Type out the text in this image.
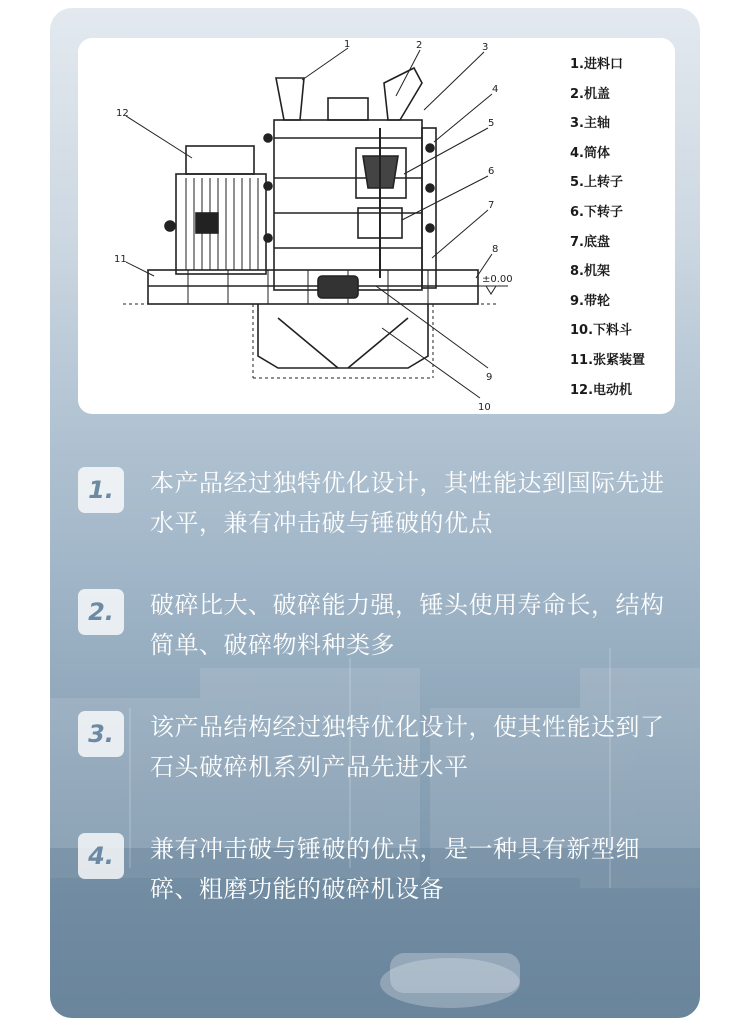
1	2	3
4
5
6
7
8
9
10
11
12
±0.00
1.进料口
2.机盖
3.主轴
4.筒体
5.上转子
6.下转子
7.底盘
8.机架
9.带轮
10.下料斗
11.张紧装置
12.电动机
1.	本产品经过独特优化设计，其性能达到国际先进水平，兼有冲击破与锤破的优点
2.	破碎比大、破碎能力强，锤头使用寿命长，结构简单、破碎物料种类多
3.	该产品结构经过独特优化设计，使其性能达到了石头破碎机系列产品先进水平
4.	兼有冲击破与锤破的优点，是一种具有新型细碎、粗磨功能的破碎机设备
